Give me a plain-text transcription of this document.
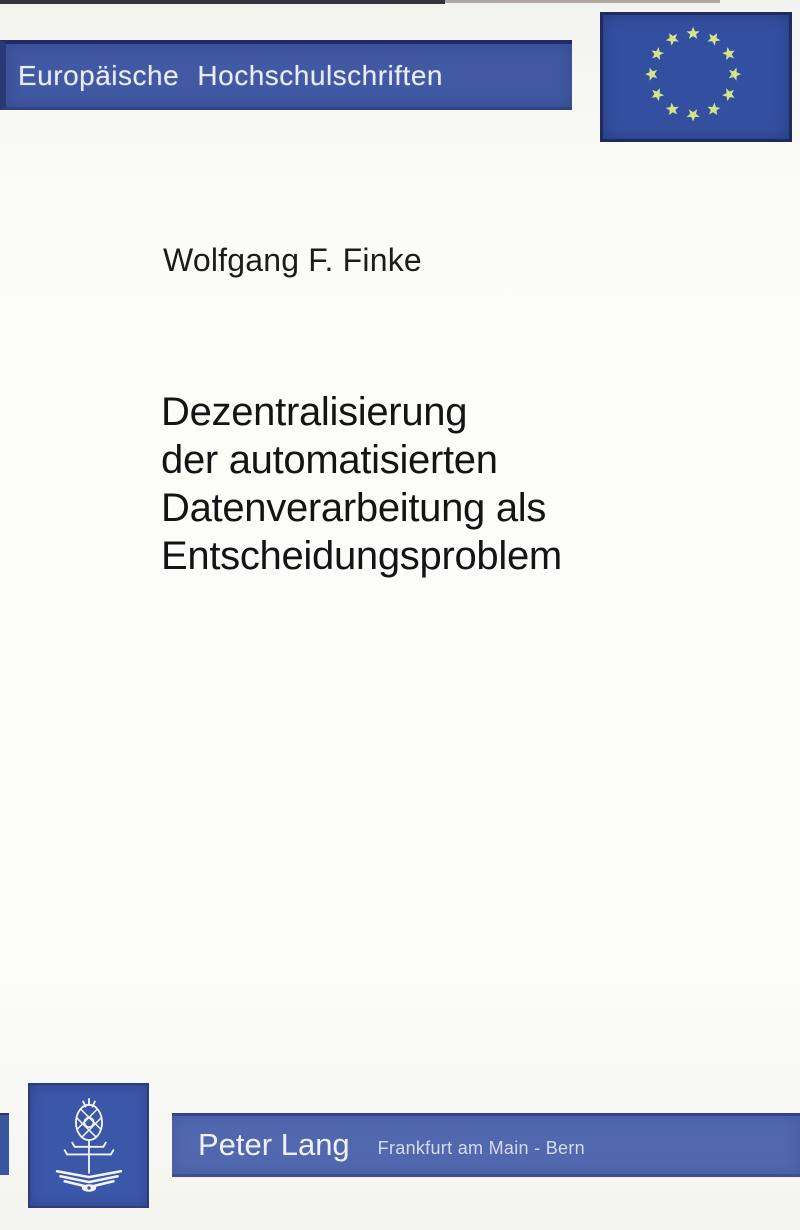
Europäische Hochschulschriften
Wolfgang F. Finke
Dezentralisierung
der automatisierten
Datenverarbeitung als
Entscheidungsproblem
Peter Lang Frankfurt am Main - Bern
